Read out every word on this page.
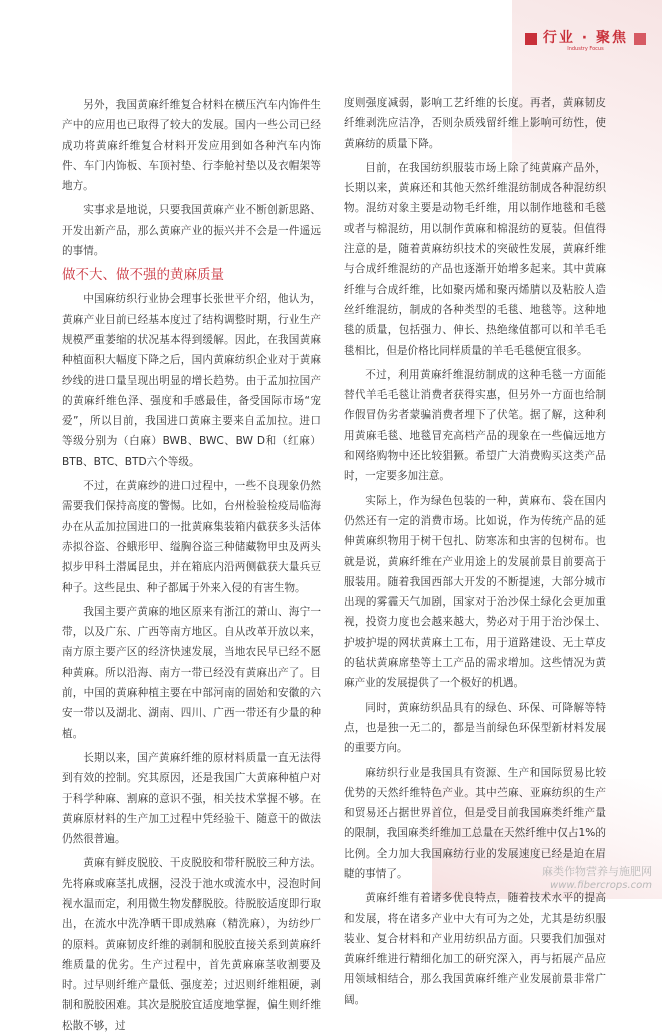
行业 · 聚焦
Industry Focus

另外，我国黄麻纤维复合材料在横压汽车内饰件生产中的应用也已取得了较大的发展。国内一些公司已经成功将黄麻纤维复合材料开发应用到如各种汽车内饰件、车门内饰板、车顶衬垫、行李舱衬垫以及衣帽架等地方。

实事求是地说，只要我国黄麻产业不断创新思路、开发出新产品，那么黄麻产业的振兴并不会是一件遥远的事情。

做不大、做不强的黄麻质量

中国麻纺织行业协会理事长张世平介绍，他认为，黄麻产业目前已经基本度过了结构调整时期，行业生产规模严重萎缩的状况基本得到缓解。因此，在我国黄麻种植面积大幅度下降之后，国内黄麻纺织企业对于黄麻纱线的进口量呈现出明显的增长趋势。由于孟加拉国产的黄麻纤维色泽、强度和手感最佳，备受国际市场“宠爱”，所以目前，我国进口黄麻主要来自孟加拉。进口等级分别为（白麻）BWB、BWC、BW D和（红麻）BTB、BTC、BTD六个等级。

不过，在黄麻纱的进口过程中，一些不良现象仍然需要我们保持高度的警惕。比如，台州检验检疫局临海办在从孟加拉国进口的一批黄麻集装箱内截获多头活体赤拟谷盗、谷蛾形甲、缢胸谷盗三种储藏物甲虫及两头拟步甲科土潜属昆虫，并在箱底内沿两侧截获大量兵豆种子。这些昆虫、种子都属于外来入侵的有害生物。

我国主要产黄麻的地区原来有浙江的萧山、海宁一带，以及广东、广西等南方地区。自从改革开放以来，南方原主要产区的经济快速发展，当地农民早已经不愿种黄麻。所以沿海、南方一带已经没有黄麻出产了。目前，中国的黄麻种植主要在中部河南的固始和安徽的六安一带以及湖北、湖南、四川、广西一带还有少量的种植。

长期以来，国产黄麻纤维的原材料质量一直无法得到有效的控制。究其原因，还是我国广大黄麻种植户对于科学种麻、割麻的意识不强，相关技术掌握不够。在黄麻原材料的生产加工过程中凭经验干、随意干的做法仍然很普遍。

黄麻有鲜皮脱胶、干皮脱胶和带秆脱胶三种方法。先将麻或麻茎扎成捆，浸没于池水或流水中，浸泡时间视水温而定，利用微生物发酵脱胶。待脱胶适度即行取出，在流水中洗净晒干即成熟麻（精洗麻），为纺纱厂的原料。黄麻韧皮纤维的剥制和脱胶直接关系到黄麻纤维质量的优劣。生产过程中，首先黄麻麻茎收割要及时。过早则纤维产量低、强度差；过迟则纤维粗硬，剥制和脱胶困难。其次是脱胶宜适度地掌握，偏生则纤维松散不够，过

度则强度减弱，影响工艺纤维的长度。再者，黄麻韧皮纤维剥洗应洁净，否则杂质残留纤维上影响可纺性，使黄麻纺的质量下降。

目前，在我国纺织服装市场上除了纯黄麻产品外，长期以来，黄麻还和其他天然纤维混纺制成各种混纺织物。混纺对象主要是动物毛纤维，用以制作地毯和毛毯或者与棉混纺，用以制作黄麻和棉混纺的夏装。但值得注意的是，随着黄麻纺织技术的突破性发展，黄麻纤维与合成纤维混纺的产品也逐渐开始增多起来。其中黄麻纤维与合成纤维，比如聚丙烯和聚丙烯腈以及粘胶人造丝纤维混纺，制成的各种类型的毛毯、地毯等。这种地毯的质量，包括强力、伸长、热绝缘值都可以和羊毛毛毯相比，但是价格比同样质量的羊毛毛毯便宜很多。

不过，利用黄麻纤维混纺制成的这种毛毯一方面能替代羊毛毛毯让消费者获得实惠，但另外一方面也给制作假冒伪劣者蒙骗消费者埋下了伏笔。据了解，这种利用黄麻毛毯、地毯冒充高档产品的现象在一些偏远地方和网络购物中还比较猖獗。希望广大消费购买这类产品时，一定要多加注意。

实际上，作为绿色包装的一种，黄麻布、袋在国内仍然还有一定的消费市场。比如说，作为传统产品的延伸黄麻织物用于树干包扎、防寒冻和虫害的包树布。也就是说，黄麻纤维在产业用途上的发展前景目前要高于服装用。随着我国西部大开发的不断提速，大部分城市出现的雾霾天气加剧，国家对于治沙保土绿化会更加重视，投资力度也会越来越大，势必对于用于治沙保土、护坡护堤的网状黄麻土工布，用于道路建设、无土草皮的毡状黄麻席垫等土工产品的需求增加。这些情况为黄麻产业的发展提供了一个极好的机遇。

同时，黄麻纺织品具有的绿色、环保、可降解等特点，也是独一无二的，都是当前绿色环保型新材料发展的重要方向。

麻纺织行业是我国具有资源、生产和国际贸易比较优势的天然纤维特色产业。其中苎麻、亚麻纺织的生产和贸易还占据世界首位，但是受目前我国麻类纤维产量的限制，我国麻类纤维加工总量在天然纤维中仅占1%的比例。全力加大我国麻纺行业的发展速度已经是迫在眉睫的事情了。

黄麻纤维有着诸多优良特点，随着技术水平的提高和发展，将在诸多产业中大有可为之处，尤其是纺织服装业、复合材料和产业用纺织品方面。只要我们加强对黄麻纤维进行精细化加工的研究深入，再与拓展产品应用领域相结合，那么我国黄麻纤维产业发展前景非常广阔。

麻类作物营养与施肥网
www.fibercrops.com
